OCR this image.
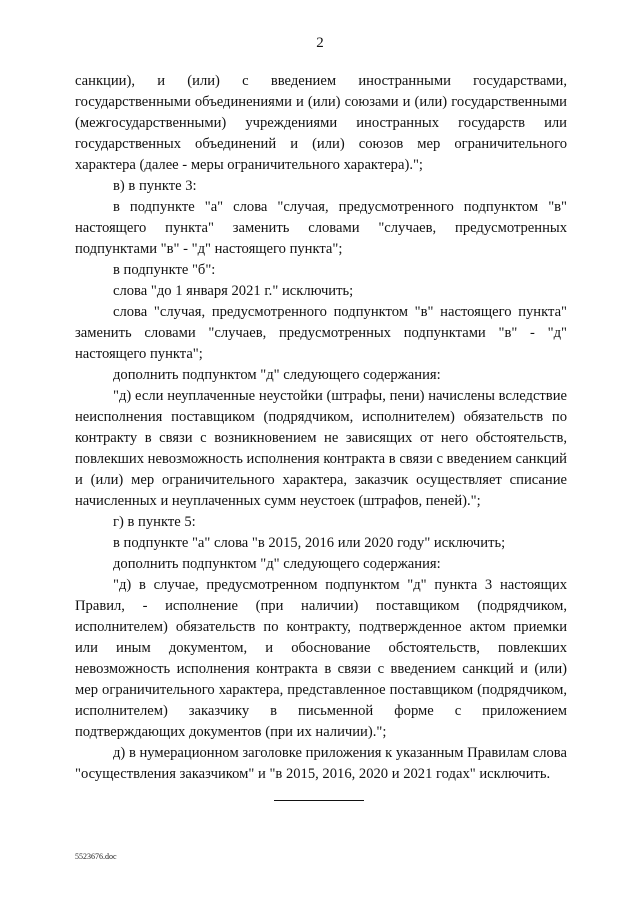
2

санкции), и (или) с введением иностранными государствами, государственными объединениями и (или) союзами и (или) государственными (межгосударственными) учреждениями иностранных государств или государственных объединений и (или) союзов мер ограничительного характера (далее - меры ограничительного характера).";

в) в пункте 3:

в подпункте "а" слова "случая, предусмотренного подпунктом "в" настоящего пункта" заменить словами "случаев, предусмотренных подпунктами "в" - "д" настоящего пункта";

в подпункте "б":

слова "до 1 января 2021 г." исключить;

слова "случая, предусмотренного подпунктом "в" настоящего пункта" заменить словами "случаев, предусмотренных подпунктами "в" - "д" настоящего пункта";

дополнить подпунктом "д" следующего содержания:

"д) если неуплаченные неустойки (штрафы, пени) начислены вследствие неисполнения поставщиком (подрядчиком, исполнителем) обязательств по контракту в связи с возникновением не зависящих от него обстоятельств, повлекших невозможность исполнения контракта в связи с введением санкций и (или) мер ограничительного характера, заказчик осуществляет списание начисленных и неуплаченных сумм неустоек (штрафов, пеней).";

г) в пункте 5:

в подпункте "а" слова "в 2015, 2016 или 2020 году" исключить;

дополнить подпунктом "д" следующего содержания:

"д) в случае, предусмотренном подпунктом "д" пункта 3 настоящих Правил, - исполнение (при наличии) поставщиком (подрядчиком, исполнителем) обязательств по контракту, подтвержденное актом приемки или иным документом, и обоснование обстоятельств, повлекших невозможность исполнения контракта в связи с введением санкций и (или) мер ограничительного характера, представленное поставщиком (подрядчиком, исполнителем) заказчику в письменной форме с приложением подтверждающих документов (при их наличии).";

д) в нумерационном заголовке приложения к указанным Правилам слова "осуществления заказчиком" и "в 2015, 2016, 2020 и 2021 годах" исключить.

5523676.doc
